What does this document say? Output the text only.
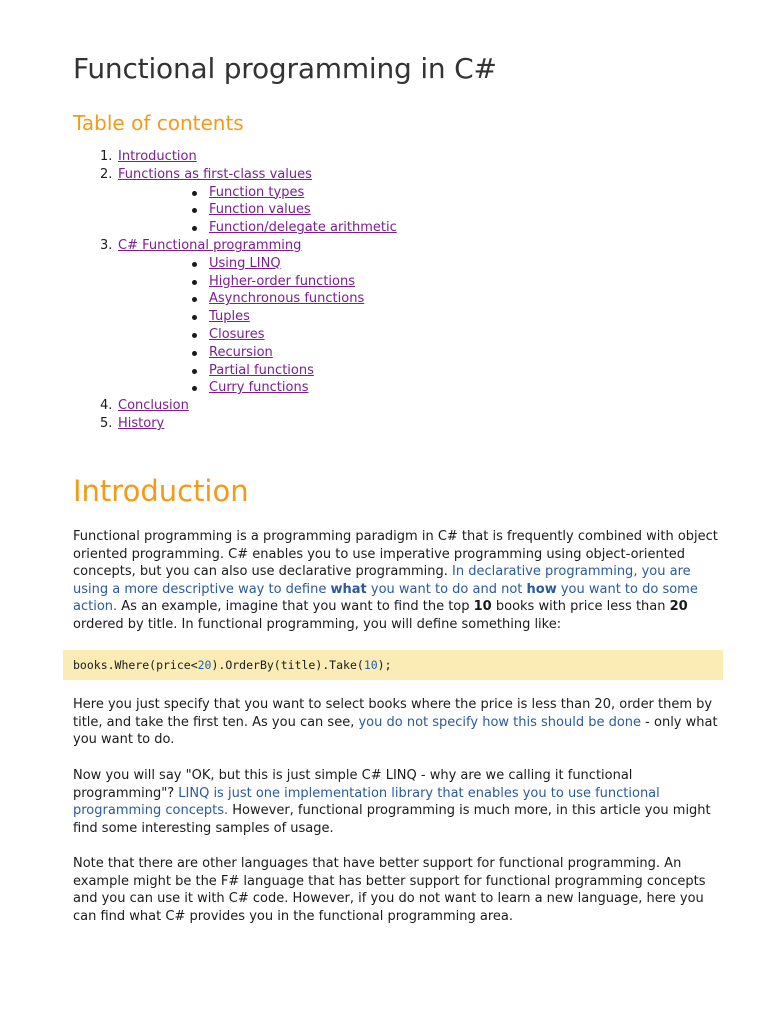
Functional programming in C#
Table of contents
1. Introduction
2. Functions as first-class values
Function types
Function values
Function/delegate arithmetic
3. C# Functional programming
Using LINQ
Higher-order functions
Asynchronous functions
Tuples
Closures
Recursion
Partial functions
Curry functions
4. Conclusion
5. History
Introduction

Functional programming is a programming paradigm in C# that is frequently combined with object oriented programming. C# enables you to use imperative programming using object-oriented concepts, but you can also use declarative programming. In declarative programming, you are using a more descriptive way to define what you want to do and not how you want to do some action. As an example, imagine that you want to find the top 10 books with price less than 20 ordered by title. In functional programming, you will define something like:

books.Where(price<20).OrderBy(title).Take(10);

Here you just specify that you want to select books where the price is less than 20, order them by title, and take the first ten. As you can see, you do not specify how this should be done - only what you want to do.

Now you will say "OK, but this is just simple C# LINQ - why are we calling it functional programming"? LINQ is just one implementation library that enables you to use functional programming concepts. However, functional programming is much more, in this article you might find some interesting samples of usage.

Note that there are other languages that have better support for functional programming. An example might be the F# language that has better support for functional programming concepts and you can use it with C# code. However, if you do not want to learn a new language, here you can find what C# provides you in the functional programming area.
